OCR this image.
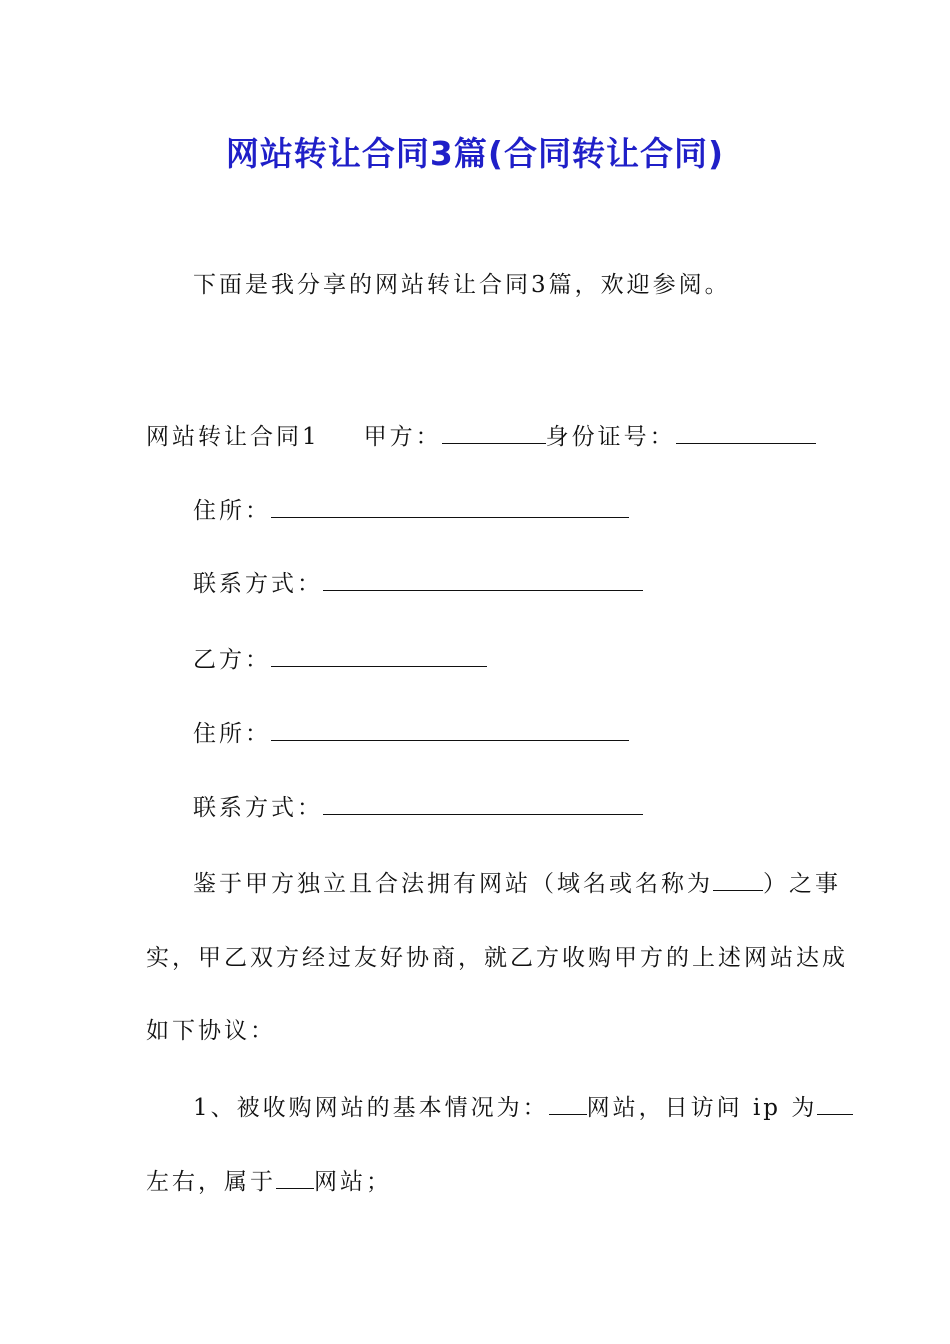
网站转让合同3篇(合同转让合同)
下面是我分享的网站转让合同3篇，欢迎参阅。
网站转让合同1 甲方：	身份证号：
住所：
联系方式：
乙方：
住所：
联系方式：
鉴于甲方独立且合法拥有网站（域名或名称为 ）之事
实，甲乙双方经过友好协商，就乙方收购甲方的上述网站达成
如下协议：
1、被收购网站的基本情况为： 网站，日访问 ip 为
左右，属于 网站；
